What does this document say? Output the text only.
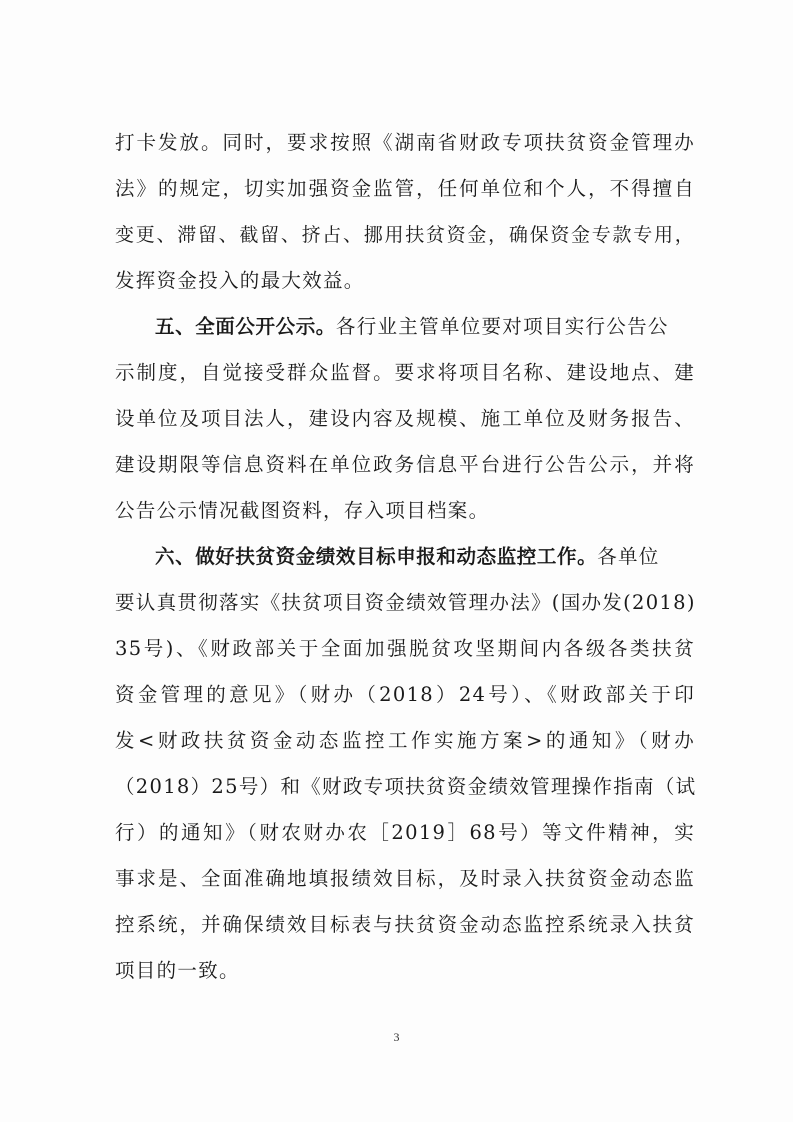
打卡发放。同时，要求按照《湖南省财政专项扶贫资金管理办

法》的规定，切实加强资金监管，任何单位和个人，不得擅自

变更、滞留、截留、挤占、挪用扶贫资金，确保资金专款专用，

发挥资金投入的最大效益。

五、全面公开公示。各行业主管单位要对项目实行公告公

示制度，自觉接受群众监督。要求将项目名称、建设地点、建

设单位及项目法人，建设内容及规模、施工单位及财务报告、

建设期限等信息资料在单位政务信息平台进行公告公示，并将

公告公示情况截图资料，存入项目档案。

六、做好扶贫资金绩效目标申报和动态监控工作。各单位

要认真贯彻落实《扶贫项目资金绩效管理办法》(国办发(2018)

35号)、《财政部关于全面加强脱贫攻坚期间内各级各类扶贫

资金管理的意见》（财办（2018）24号）、《财政部关于印

发<财政扶贫资金动态监控工作实施方案>的通知》（财办

（2018）25号）和《财政专项扶贫资金绩效管理操作指南（试

行）的通知》（财农财办农［2019］68号）等文件精神，实

事求是、全面准确地填报绩效目标，及时录入扶贫资金动态监

控系统，并确保绩效目标表与扶贫资金动态监控系统录入扶贫

项目的一致。

3
